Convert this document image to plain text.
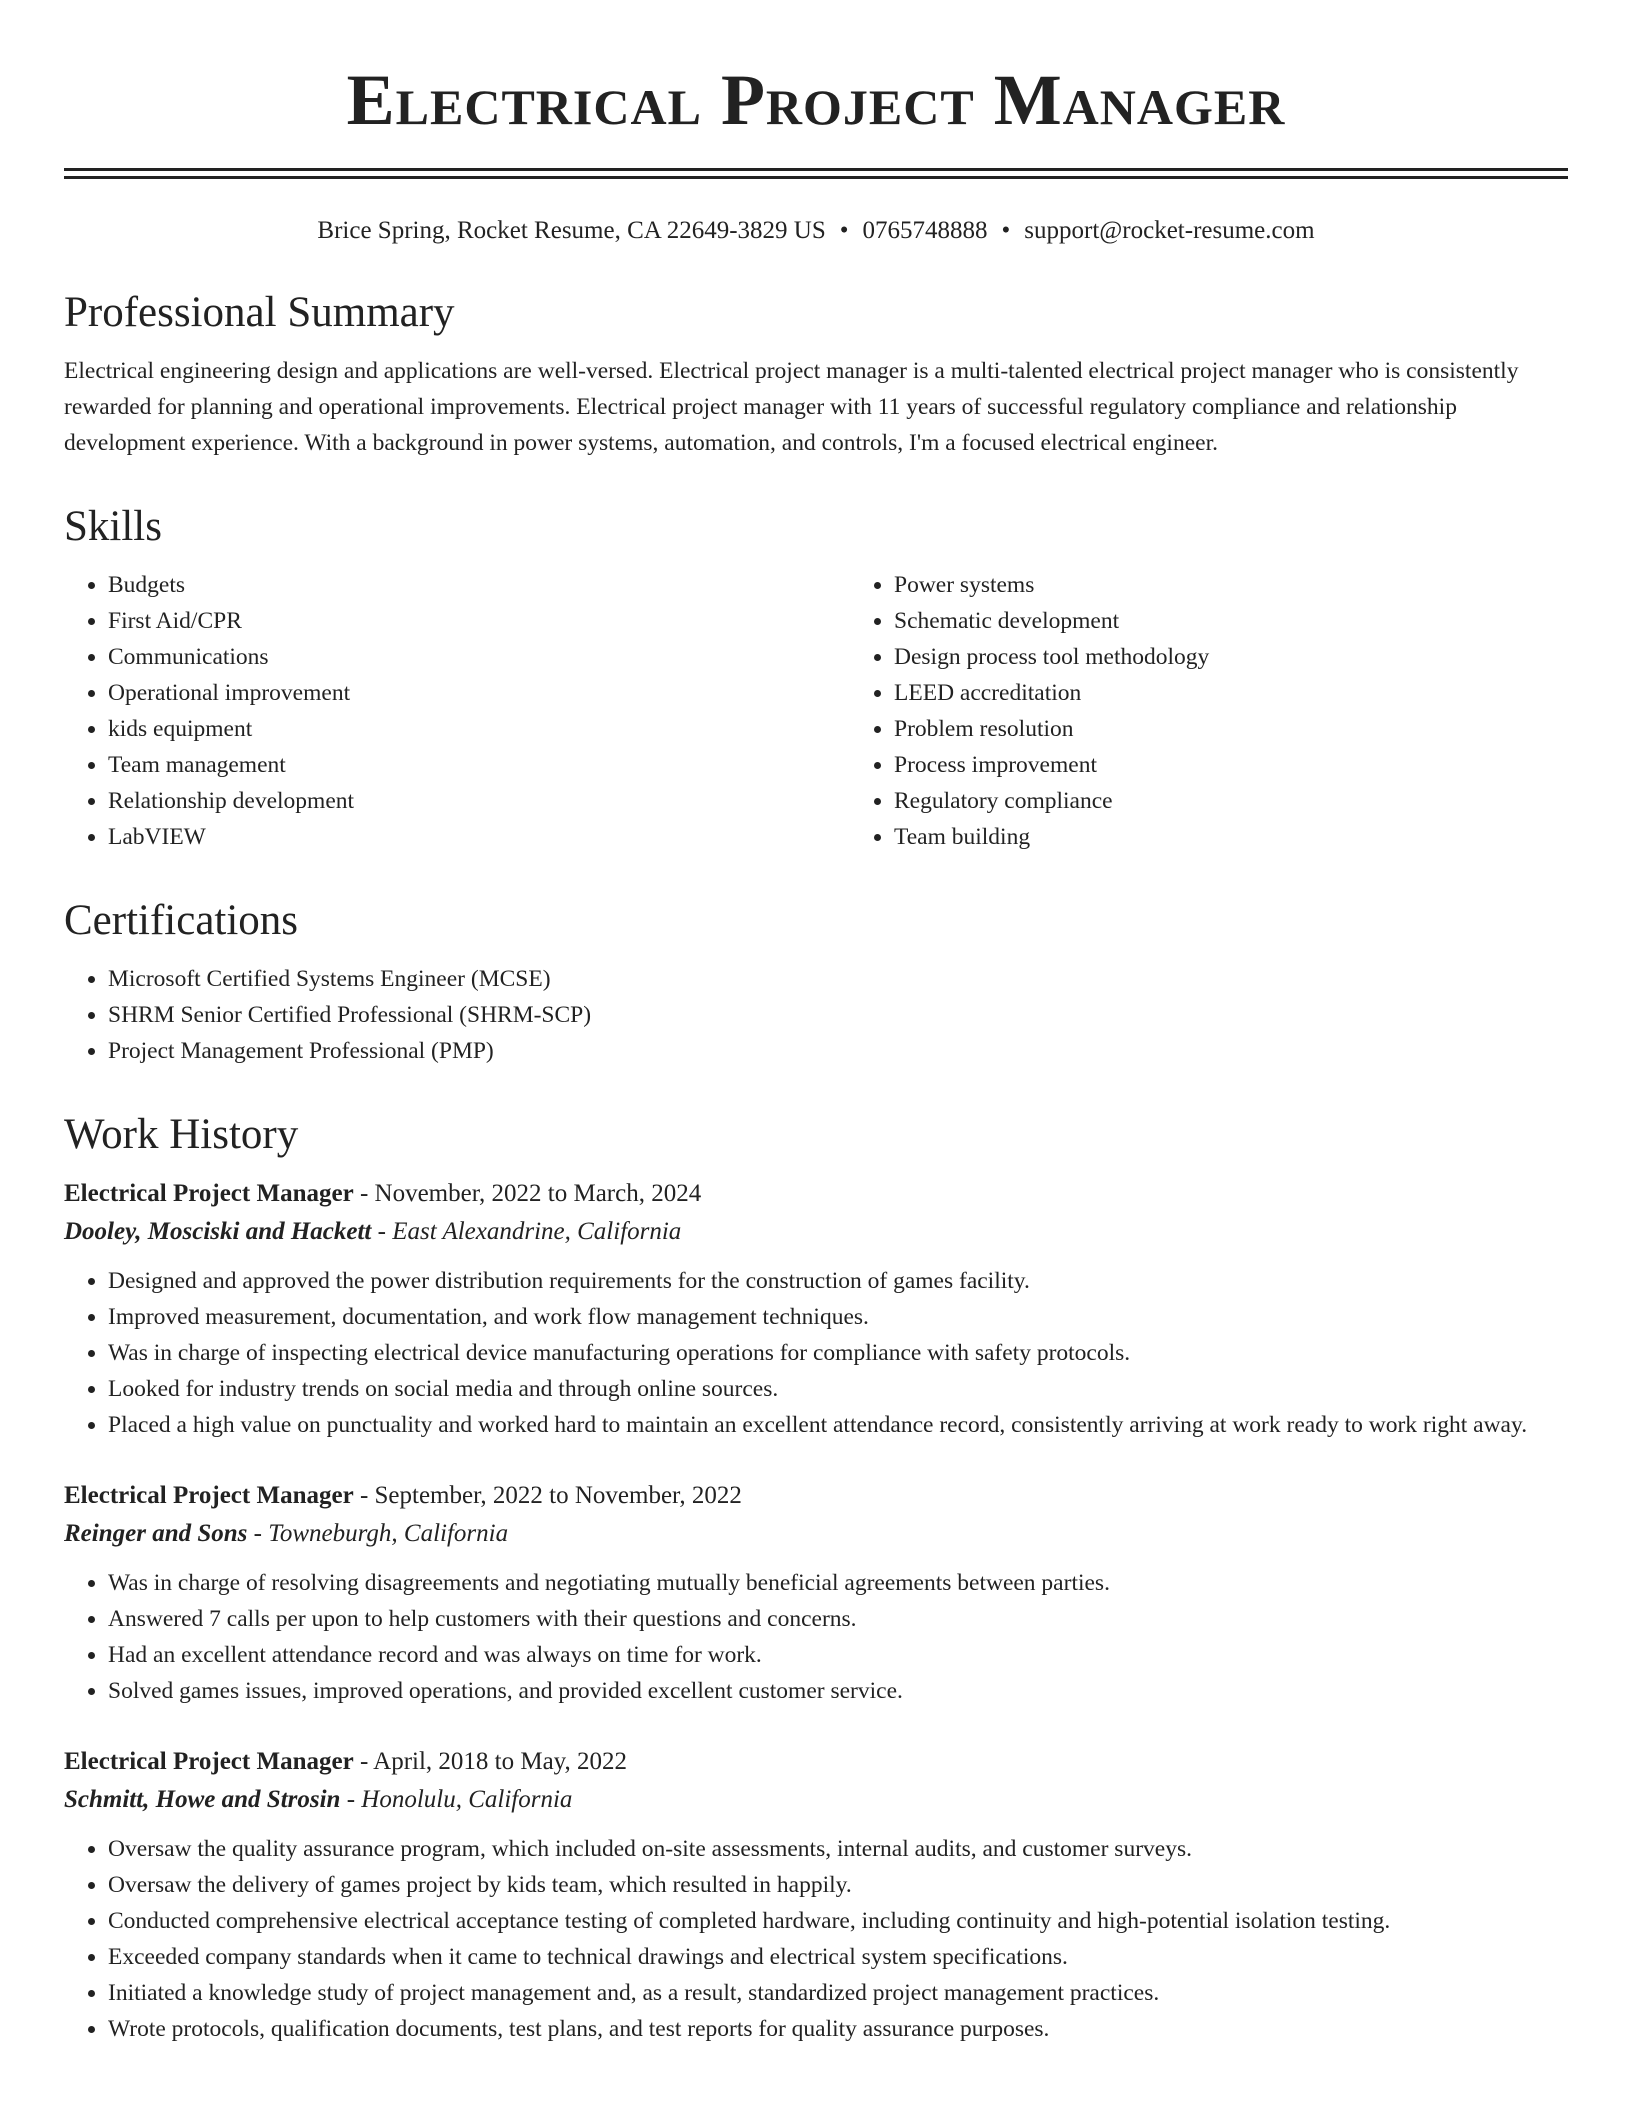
Electrical Project Manager
Brice Spring, Rocket Resume, CA 22649-3829 US • 0765748888 • support@rocket-resume.com
Professional Summary

Electrical engineering design and applications are well-versed. Electrical project manager is a multi-talented electrical project manager who is consistently rewarded for planning and operational improvements. Electrical project manager with 11 years of successful regulatory compliance and relationship development experience. With a background in power systems, automation, and controls, I'm a focused electrical engineer.

Skills
• Budgets
• First Aid/CPR
• Communications
• Operational improvement
• kids equipment
• Team management
• Relationship development
• LabVIEW
• Power systems
• Schematic development
• Design process tool methodology
• LEED accreditation
• Problem resolution
• Process improvement
• Regulatory compliance
• Team building
Certifications
• Microsoft Certified Systems Engineer (MCSE)
• SHRM Senior Certified Professional (SHRM-SCP)
• Project Management Professional (PMP)
Work History
Electrical Project Manager - November, 2022 to March, 2024
Dooley, Mosciski and Hackett - East Alexandrine, California
• Designed and approved the power distribution requirements for the construction of games facility.
• Improved measurement, documentation, and work flow management techniques.
• Was in charge of inspecting electrical device manufacturing operations for compliance with safety protocols.
• Looked for industry trends on social media and through online sources.
• Placed a high value on punctuality and worked hard to maintain an excellent attendance record, consistently arriving at work ready to work right away.
Electrical Project Manager - September, 2022 to November, 2022
Reinger and Sons - Towneburgh, California
• Was in charge of resolving disagreements and negotiating mutually beneficial agreements between parties.
• Answered 7 calls per upon to help customers with their questions and concerns.
• Had an excellent attendance record and was always on time for work.
• Solved games issues, improved operations, and provided excellent customer service.
Electrical Project Manager - April, 2018 to May, 2022
Schmitt, Howe and Strosin - Honolulu, California
• Oversaw the quality assurance program, which included on-site assessments, internal audits, and customer surveys.
• Oversaw the delivery of games project by kids team, which resulted in happily.
• Conducted comprehensive electrical acceptance testing of completed hardware, including continuity and high-potential isolation testing.
• Exceeded company standards when it came to technical drawings and electrical system specifications.
• Initiated a knowledge study of project management and, as a result, standardized project management practices.
• Wrote protocols, qualification documents, test plans, and test reports for quality assurance purposes.
